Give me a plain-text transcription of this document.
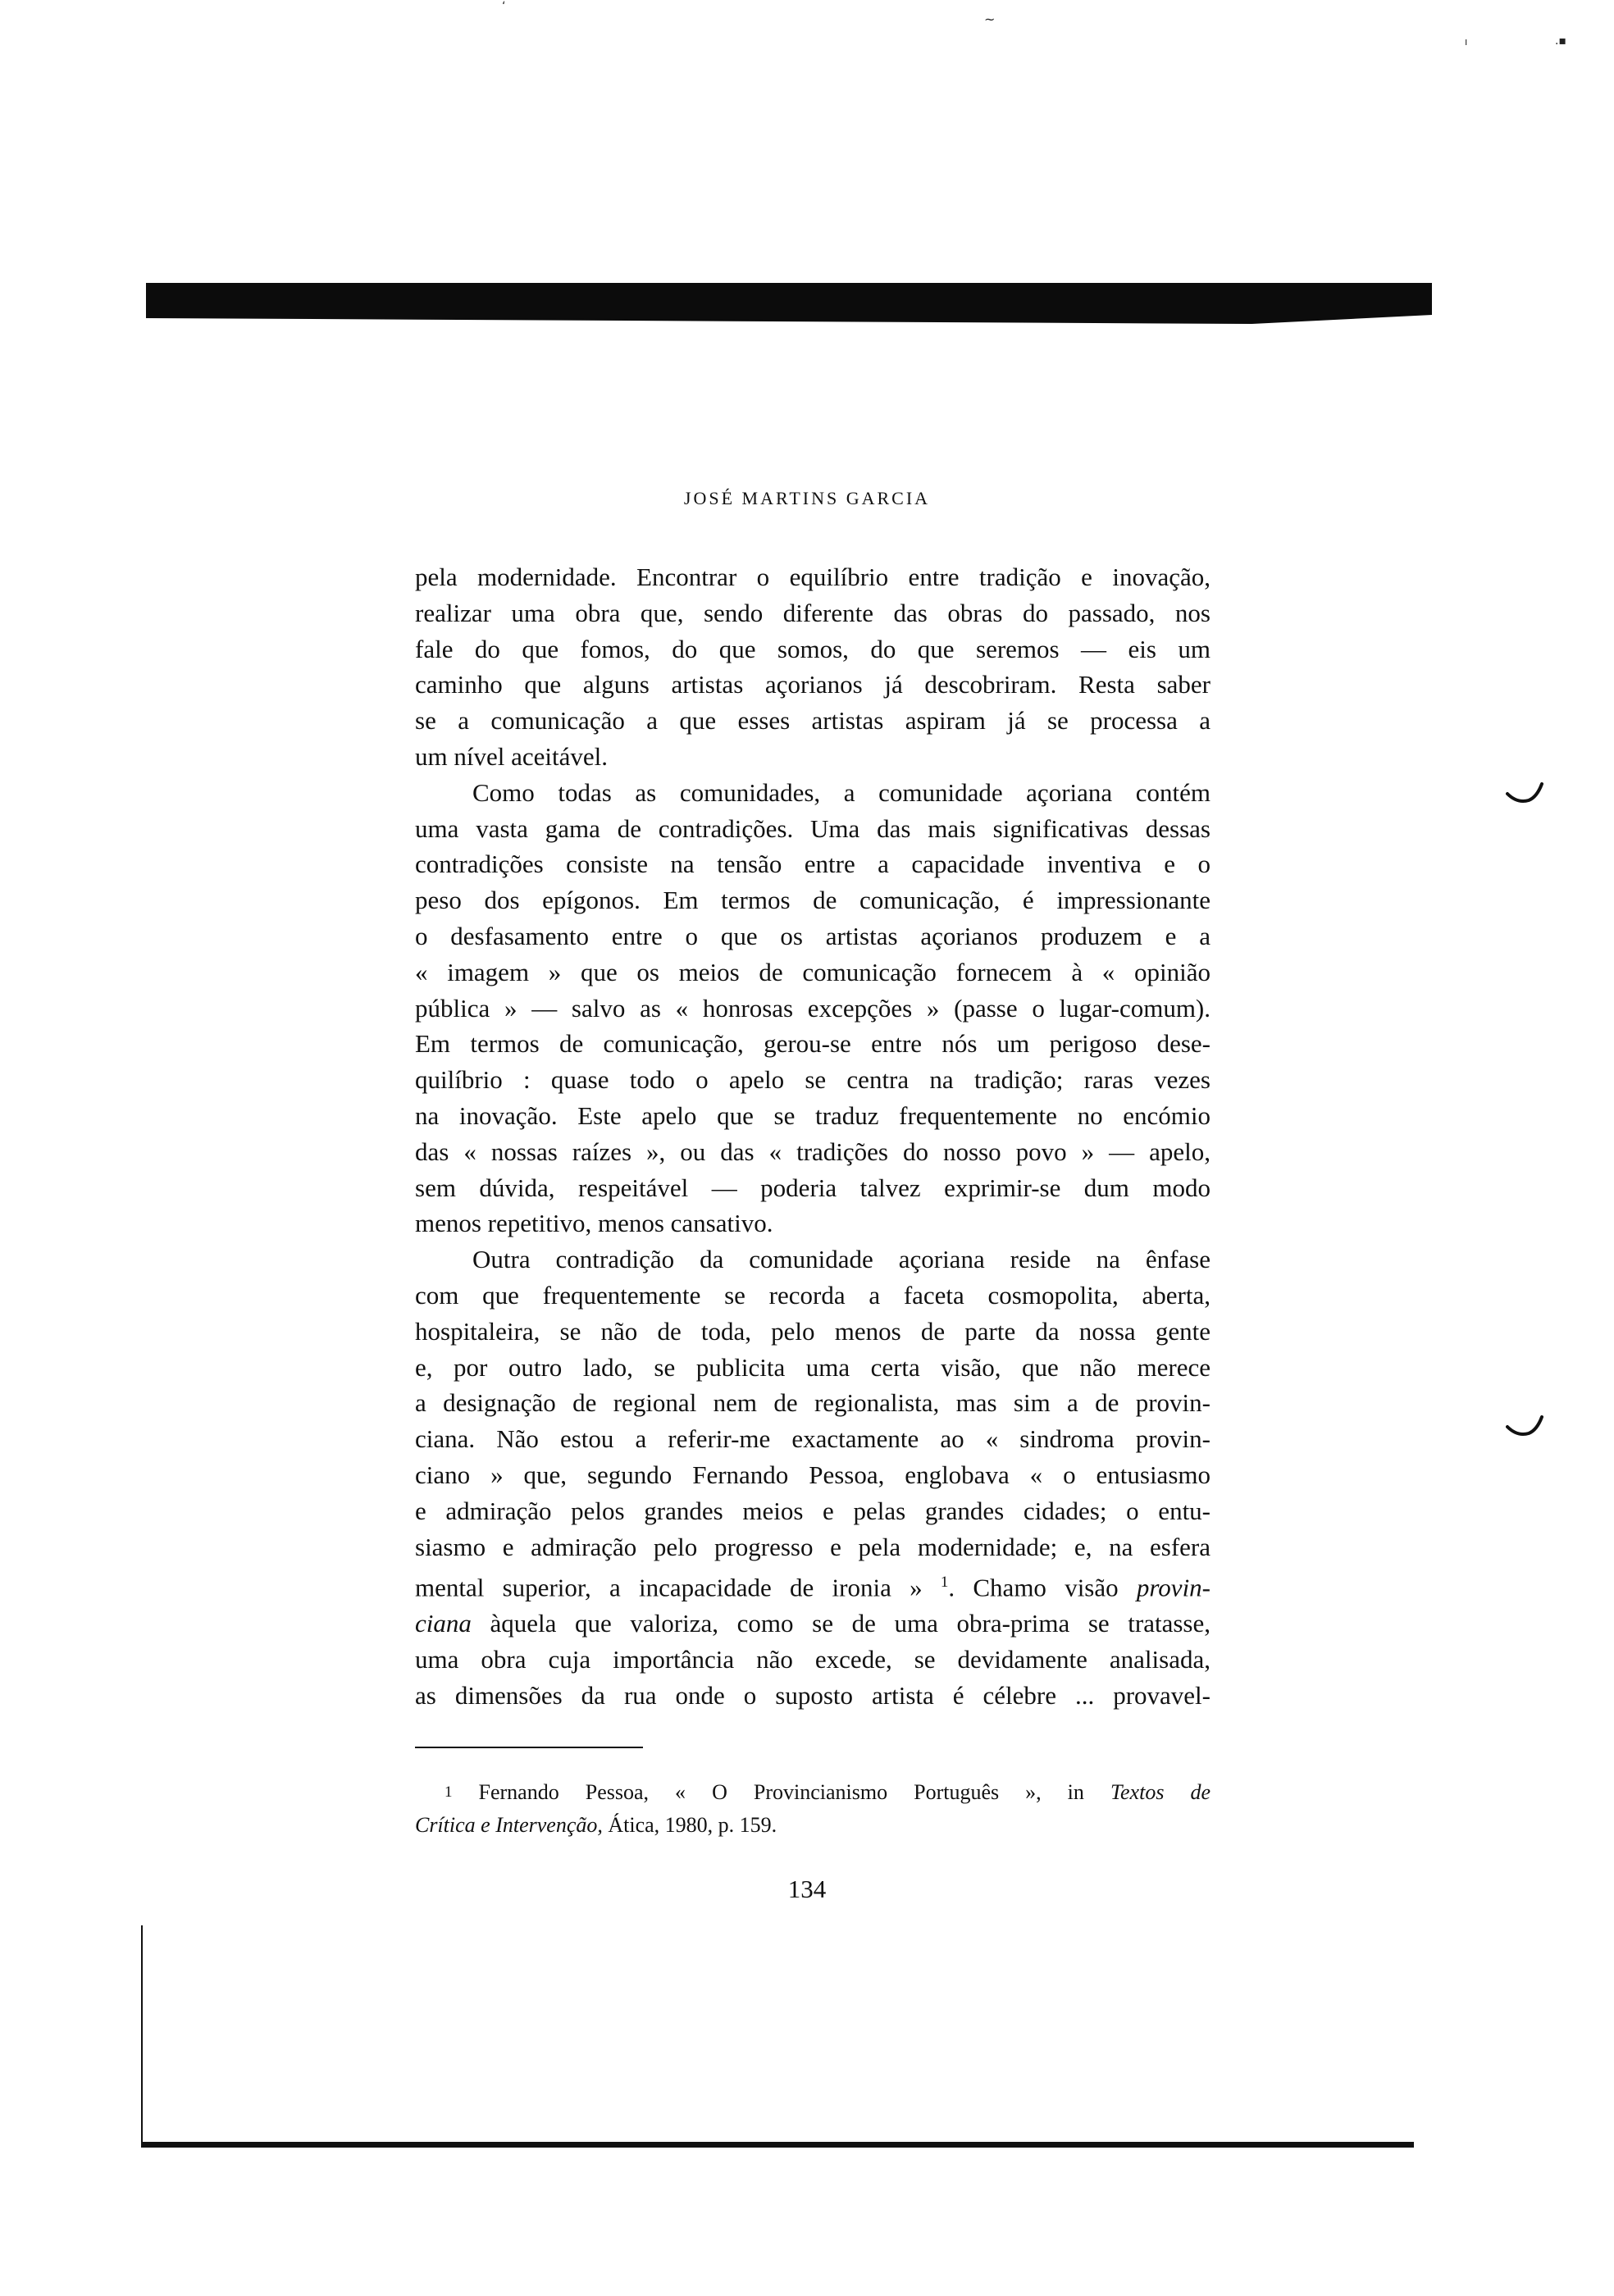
‘
~
ı	.▪
JOSÉ MARTINS GARCIA
pela modernidade. Encontrar o equilíbrio entre tradição e inovação,
realizar uma obra que, sendo diferente das obras do passado, nos
fale do que fomos, do que somos, do que seremos — eis um
caminho que alguns artistas açorianos já descobriram. Resta saber
se a comunicação a que esses artistas aspiram já se processa a
um nível aceitável.
Como todas as comunidades, a comunidade açoriana contém
uma vasta gama de contradições. Uma das mais significativas dessas
contradições consiste na tensão entre a capacidade inventiva e o
peso dos epígonos. Em termos de comunicação, é impressionante
o desfasamento entre o que os artistas açorianos produzem e a
« imagem » que os meios de comunicação fornecem à « opinião
pública » — salvo as « honrosas excepções » (passe o lugar-comum).
Em termos de comunicação, gerou-se entre nós um perigoso dese-
quilíbrio : quase todo o apelo se centra na tradição; raras vezes
na inovação. Este apelo que se traduz frequentemente no encómio
das « nossas raízes », ou das « tradições do nosso povo » — apelo,
sem dúvida, respeitável — poderia talvez exprimir-se dum modo
menos repetitivo, menos cansativo.
Outra contradição da comunidade açoriana reside na ênfase
com que frequentemente se recorda a faceta cosmopolita, aberta,
hospitaleira, se não de toda, pelo menos de parte da nossa gente
e, por outro lado, se publicita uma certa visão, que não merece
a designação de regional nem de regionalista, mas sim a de provin-
ciana. Não estou a referir-me exactamente ao « sindroma provin-
ciano » que, segundo Fernando Pessoa, englobava « o entusiasmo
e admiração pelos grandes meios e pelas grandes cidades; o entu-
siasmo e admiração pelo progresso e pela modernidade; e, na esfera
mental superior, a incapacidade de ironia » $^1$. Chamo visão provin-
ciana àquela que valoriza, como se de uma obra-prima se tratasse,
uma obra cuja importância não excede, se devidamente analisada,
as dimensões da rua onde o suposto artista é célebre ... provavel-
1 Fernando Pessoa, « O Provincianismo Português », in Textos de
Crítica e Intervenção, Ática, 1980, p. 159.
134
